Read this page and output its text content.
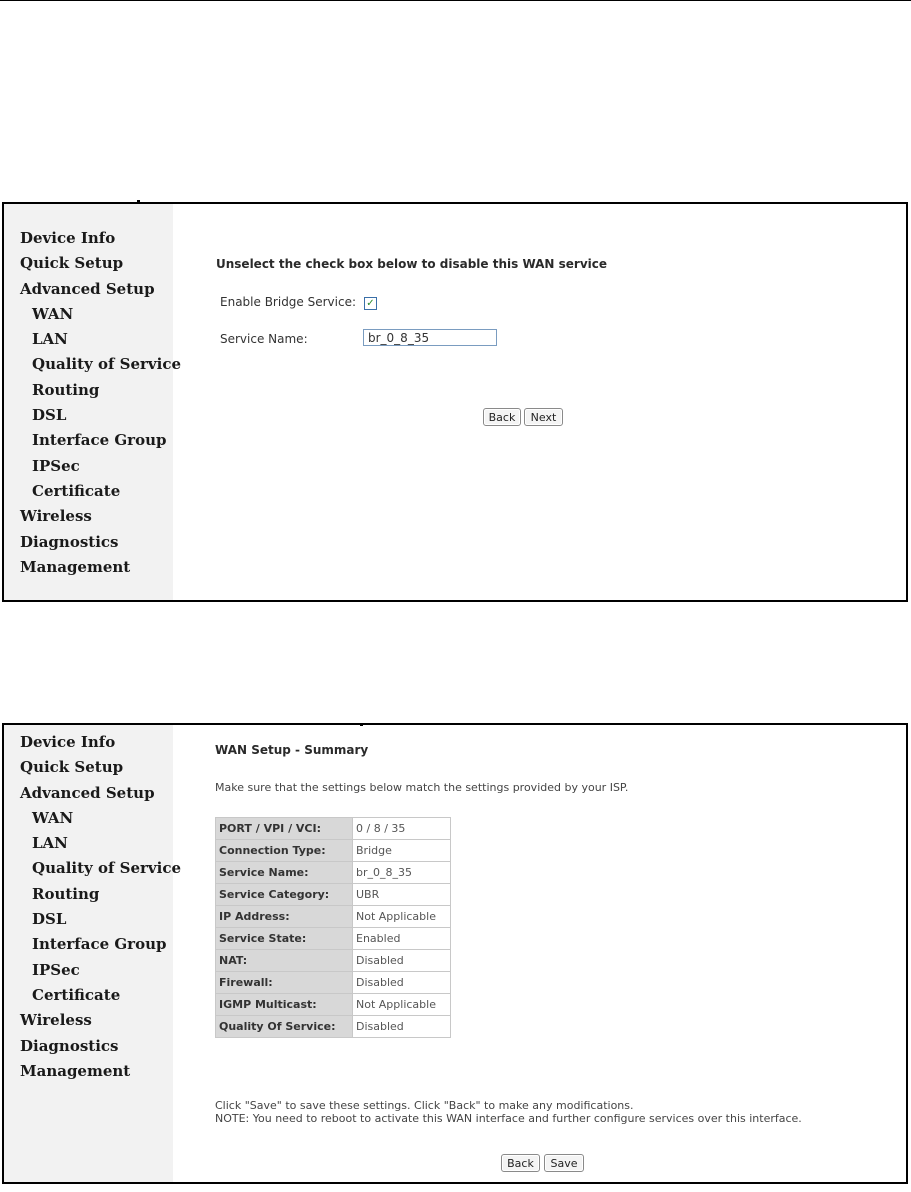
Device Info
Quick Setup
Advanced Setup
WAN
LAN
Quality of Service
Routing
DSL
Interface Group
IPSec
Certificate
Wireless
Diagnostics
Management
Unselect the check box below to disable this WAN service
Enable Bridge Service: ✓
Service Name:	br_0_8_35
Back	Next
Device Info
Quick Setup
Advanced Setup
WAN
LAN
Quality of Service
Routing
DSL
Interface Group
IPSec
Certificate
Wireless
Diagnostics
Management
WAN Setup - Summary
Make sure that the settings below match the settings provided by your ISP.
PORT / VPI / VCI:	0 / 8 / 35
Connection Type:	Bridge
Service Name:	br_0_8_35
Service Category:	UBR
IP Address:	Not Applicable
Service State:	Enabled
NAT:	Disabled
Firewall:	Disabled
IGMP Multicast:	Not Applicable
Quality Of Service:	Disabled
Click "Save" to save these settings. Click "Back" to make any modifications.
NOTE: You need to reboot to activate this WAN interface and further configure services over this interface.
Back	Save
